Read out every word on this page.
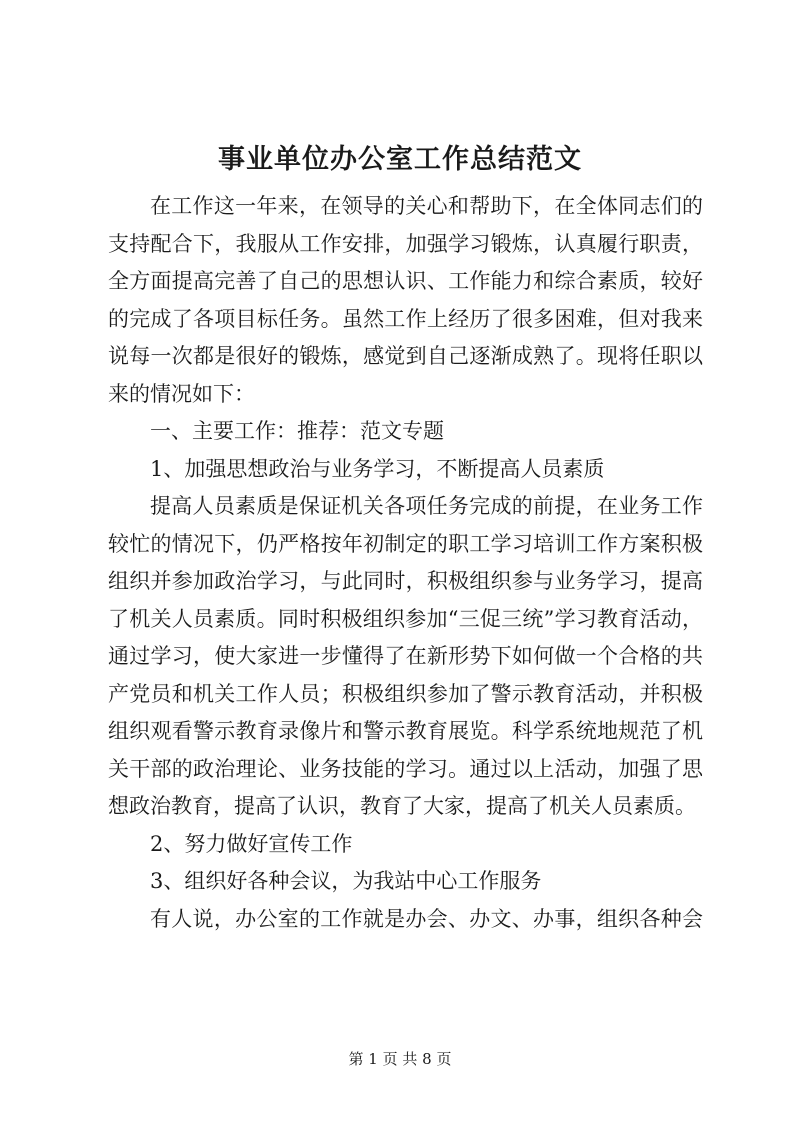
事业单位办公室工作总结范文
在工作这一年来，在领导的关心和帮助下，在全体同志们的
支持配合下，我服从工作安排，加强学习锻炼，认真履行职责，
全方面提高完善了自己的思想认识、工作能力和综合素质，较好
的完成了各项目标任务。虽然工作上经历了很多困难，但对我来
说每一次都是很好的锻炼，感觉到自己逐渐成熟了。现将任职以
来的情况如下：
一、主要工作：推荐：范文专题
1、加强思想政治与业务学习，不断提高人员素质
提高人员素质是保证机关各项任务完成的前提，在业务工作
较忙的情况下，仍严格按年初制定的职工学习培训工作方案积极
组织并参加政治学习，与此同时，积极组织参与业务学习，提高
了机关人员素质。同时积极组织参加“三促三统”学习教育活动，
通过学习，使大家进一步懂得了在新形势下如何做一个合格的共
产党员和机关工作人员；积极组织参加了警示教育活动，并积极
组织观看警示教育录像片和警示教育展览。科学系统地规范了机
关干部的政治理论、业务技能的学习。通过以上活动，加强了思
想政治教育，提高了认识，教育了大家，提高了机关人员素质。
2、努力做好宣传工作
3、组织好各种会议，为我站中心工作服务
有人说，办公室的工作就是办会、办文、办事，组织各种会
第 1 页 共 8 页
